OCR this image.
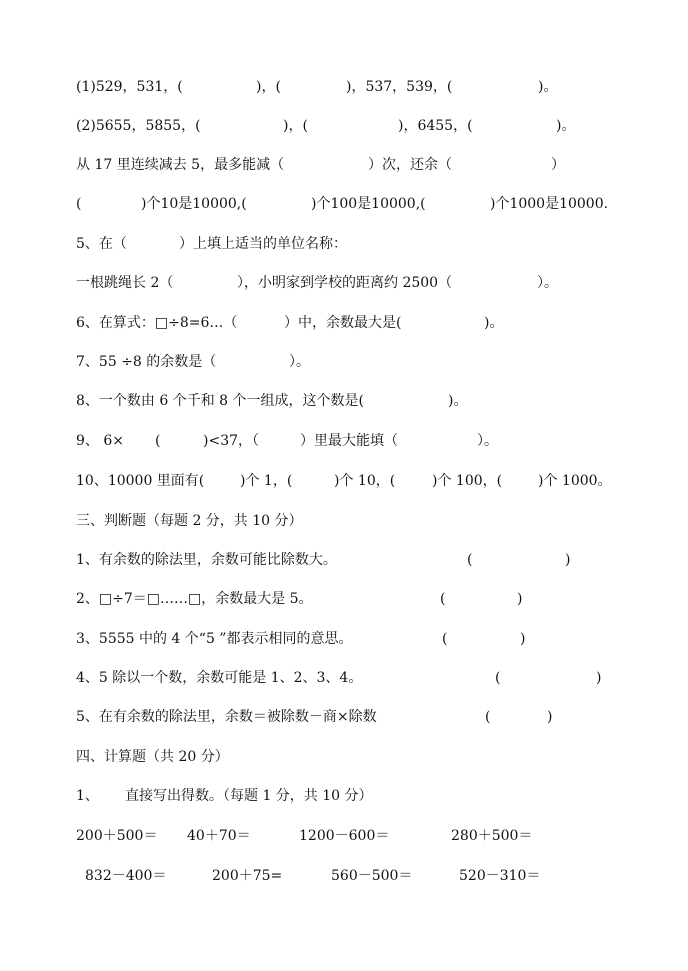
(1)529，531，(	)，(	)，537，539，(	)。
(2)5655，5855，(	)，(	)，6455，(	)。
从 17 里连续减去 5，最多能减（	）次，还余（	）
(	)个10是10000,(	)个100是10000,(	)个1000是10000.
5、在（	）上填上适当的单位名称：
一根跳绳长 2（	），小明家到学校的距离约 2500（	）。
6、在算式：□÷8=6…（	）中，余数最大是(	)。
7、55 ÷8 的余数是（	）。
8、一个数由 6 个千和 8 个一组成，这个数是(	)。
9、 6× (	)<37，（	）里最大能填（	）。
10、10000 里面有(	)个 1，(	)个 10，(	)个 100，(	)个 1000。
三、判断题（每题 2 分，共 10 分）
1、有余数的除法里，余数可能比除数大。	(	)
2、□÷7＝□……□，余数最大是 5。	(	)
3、5555 中的 4 个“5 ”都表示相同的意思。	(	)
4、5 除以一个数，余数可能是 1、2、3、4。	(	)
5、在有余数的除法里，余数＝被除数－商×除数	(	)
四、计算题（共 20 分）
1、 直接写出得数。（每题 1 分，共 10 分）
200＋500＝ 40＋70＝	1200－600＝	280＋500＝
832－400＝	200＋75=	560－500＝	520－310＝
